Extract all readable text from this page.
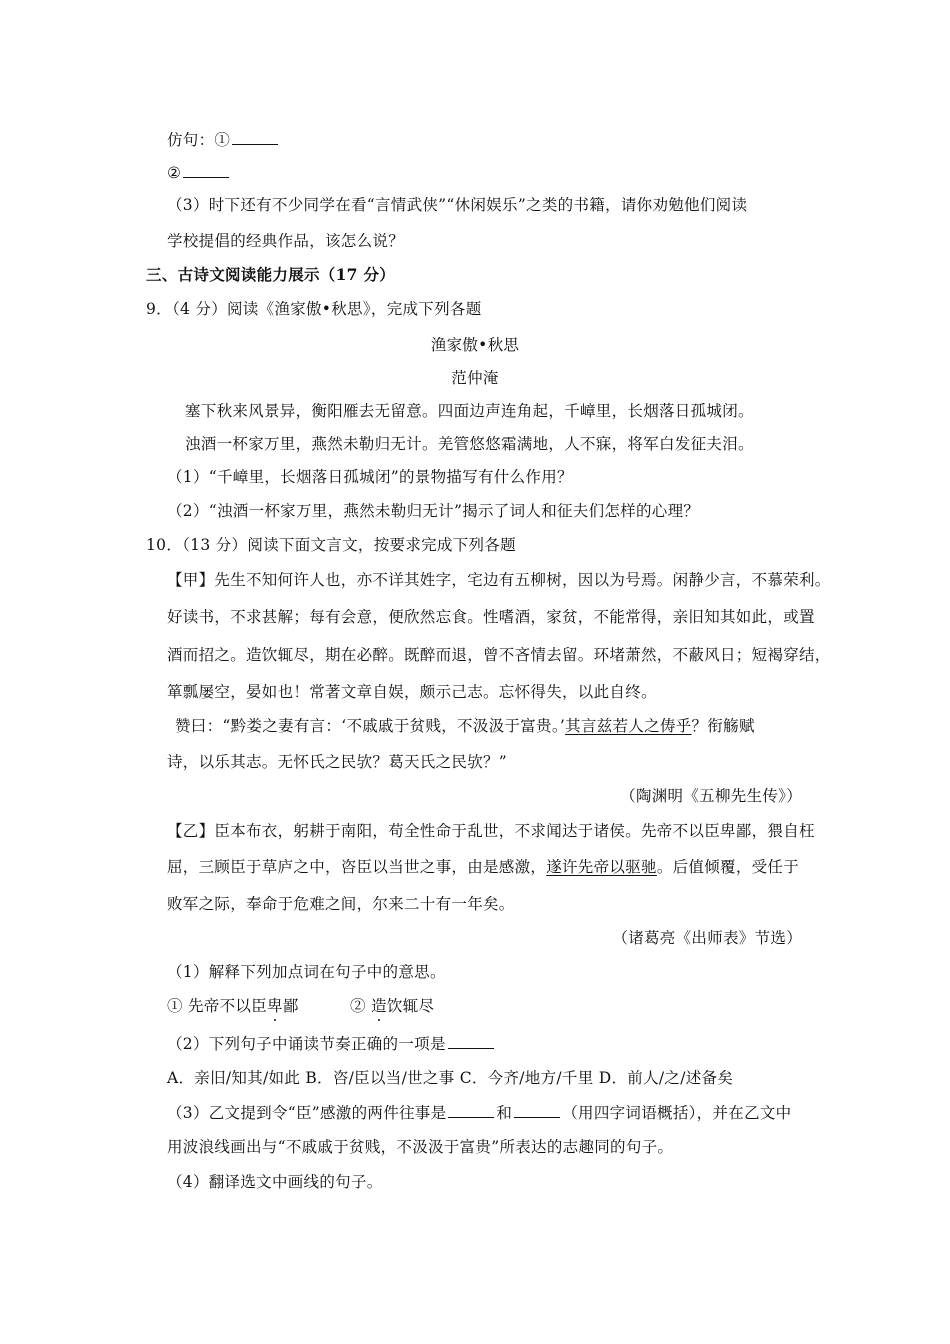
仿句：①
②
（3）时下还有不少同学在看“言情武侠”“休闲娱乐”之类的书籍，请你劝勉他们阅读
学校提倡的经典作品，该怎么说？
三、古诗文阅读能力展示（17 分）
9．（4 分）阅读《渔家傲•秋思》，完成下列各题
渔家傲•秋思
范仲淹
塞下秋来风景异，衡阳雁去无留意。四面边声连角起，千嶂里，长烟落日孤城闭。
浊酒一杯家万里，燕然未勒归无计。羌管悠悠霜满地，人不寐，将军白发征夫泪。
（1）“千嶂里，长烟落日孤城闭”的景物描写有什么作用？
（2）“浊酒一杯家万里，燕然未勒归无计”揭示了词人和征夫们怎样的心理？
10．（13 分）阅读下面文言文，按要求完成下列各题
【甲】先生不知何许人也，亦不详其姓字，宅边有五柳树，因以为号焉。闲静少言，不慕荣利。
好读书，不求甚解；每有会意，便欣然忘食。性嗜酒，家贫，不能常得，亲旧知其如此，或置
酒而招之。造饮辄尽，期在必醉。既醉而退，曾不吝情去留。环堵萧然，不蔽风日；短褐穿结，
箪瓢屡空，晏如也！常著文章自娱，颇示己志。忘怀得失，以此自终。
赞曰：“黔娄之妻有言：‘不戚戚于贫贱，不汲汲于富贵。’其言兹若人之俦乎？衔觞赋
诗，以乐其志。无怀氏之民欤？葛天氏之民欤？”
（陶渊明《五柳先生传》）
【乙】臣本布衣，躬耕于南阳，苟全性命于乱世，不求闻达于诸侯。先帝不以臣卑鄙，猥自枉
屈，三顾臣于草庐之中，咨臣以当世之事，由是感激，遂许先帝以驱驰。后值倾覆，受任于
败军之际，奉命于危难之间，尔来二十有一年矣。
（诸葛亮《出师表》节选）
（1）解释下列加点词在句子中的意思。
① 先帝不以臣卑鄙	② 造饮辄尽
（2）下列句子中诵读节奏正确的一项是
A．亲旧/知其/如此 B．咨/臣以当/世之事 C．今齐/地方/千里 D．前人/之/述备矣
（3）乙文提到令“臣”感激的两件往事是	和	（用四字词语概括），并在乙文中
用波浪线画出与“不戚戚于贫贱，不汲汲于富贵”所表达的志趣同的句子。
（4）翻译选文中画线的句子。
